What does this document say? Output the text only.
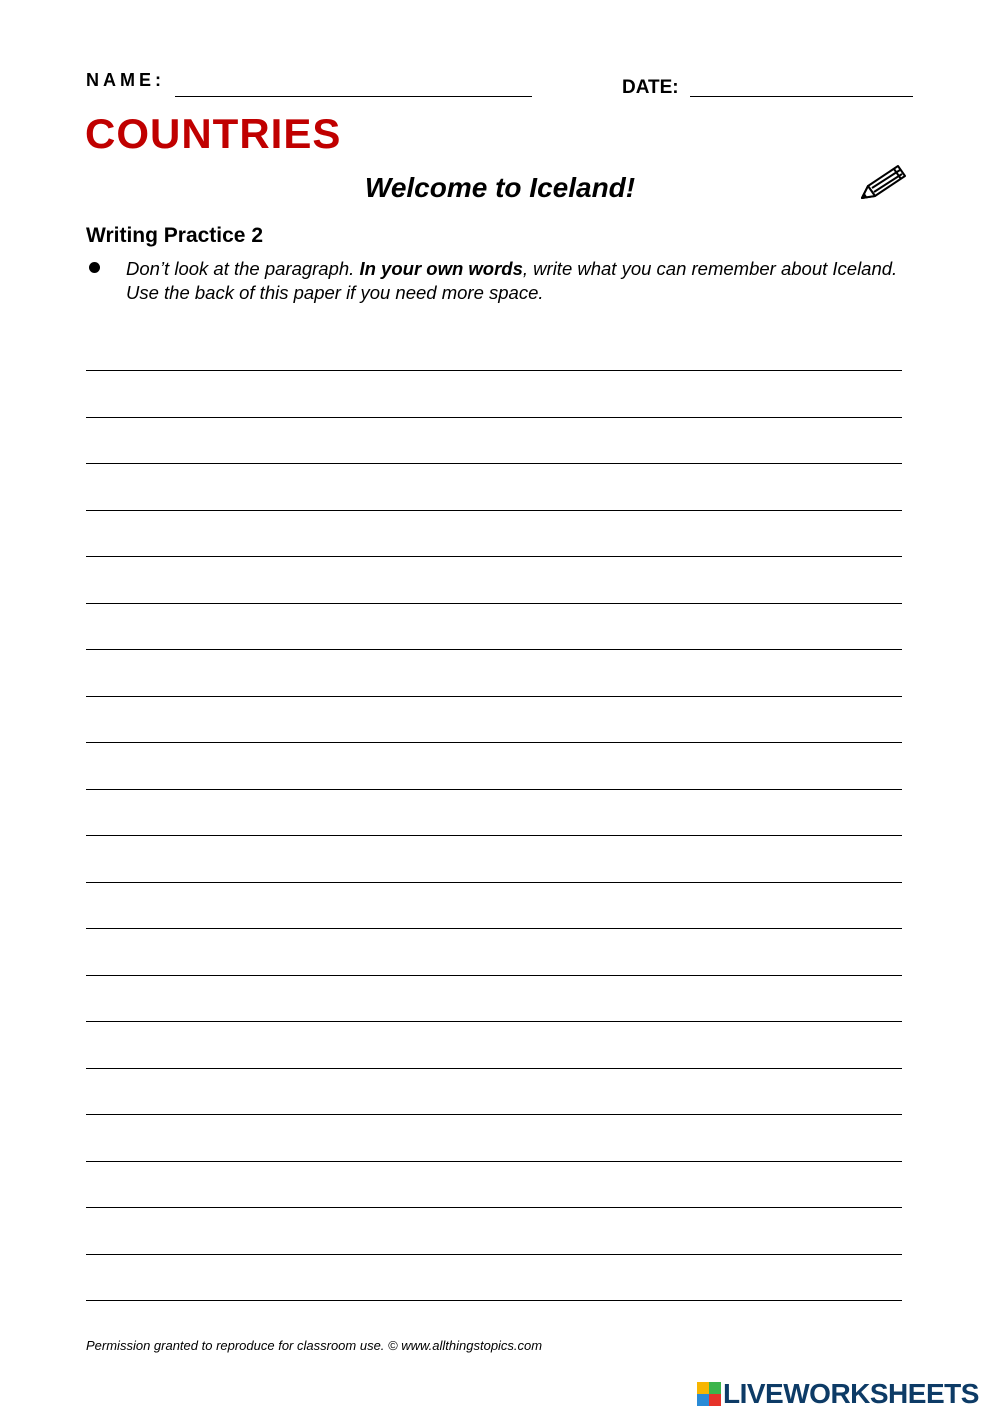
NAME:	DATE:
COUNTRIES
Welcome to Iceland!
Writing Practice 2
Don’t look at the paragraph. In your own words, write what you can remember about Iceland. Use the back of this paper if you need more space.
Permission granted to reproduce for classroom use. © www.allthingstopics.com
LIVEWORKSHEETS
